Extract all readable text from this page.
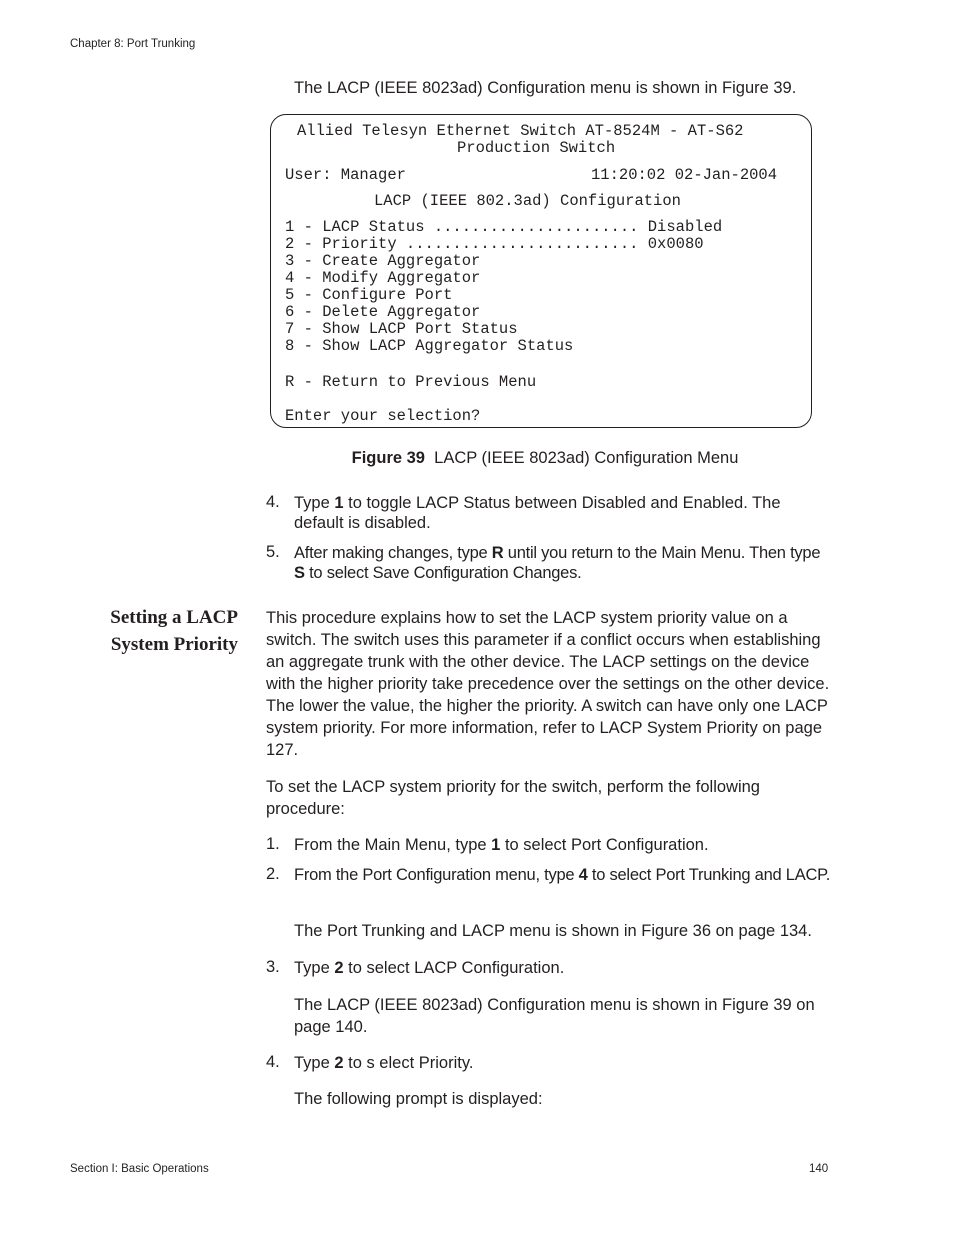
Chapter 8: Port Trunking
The LACP (IEEE 8023ad) Configuration menu is shown in Figure 39.
Allied Telesyn Ethernet Switch AT-8524M - AT-S62
Production Switch
User: Manager	11:20:02 02-Jan-2004
LACP (IEEE 802.3ad) Configuration
1 - LACP Status ...................... Disabled
2 - Priority ......................... 0x0080
3 - Create Aggregator
4 - Modify Aggregator
5 - Configure Port
6 - Delete Aggregator
7 - Show LACP Port Status
8 - Show LACP Aggregator Status
R - Return to Previous Menu
Enter your selection?
Figure 39 LACP (IEEE 8023ad) Configuration Menu
4. Type 1 to toggle LACP Status between Disabled and Enabled. The default is disabled.
5. After making changes, type R until you return to the Main Menu. Then type S to select Save Configuration Changes.
Setting a LACP
System Priority
This procedure explains how to set the LACP system priority value on a switch. The switch uses this parameter if a conflict occurs when establishing an aggregate trunk with the other device. The LACP settings on the device with the higher priority take precedence over the settings on the other device. The lower the value, the higher the priority. A switch can have only one LACP system priority. For more information, refer to LACP System Priority on page 127.
To set the LACP system priority for the switch, perform the following procedure:
1. From the Main Menu, type 1 to select Port Configuration.
2. From the Port Configuration menu, type 4 to select Port Trunking and LACP.
The Port Trunking and LACP menu is shown in Figure 36 on page 134.
3. Type 2 to select LACP Configuration.
The LACP (IEEE 8023ad) Configuration menu is shown in Figure 39 on page 140.
4. Type 2 to s elect Priority.
The following prompt is displayed:
Section I: Basic Operations	140
